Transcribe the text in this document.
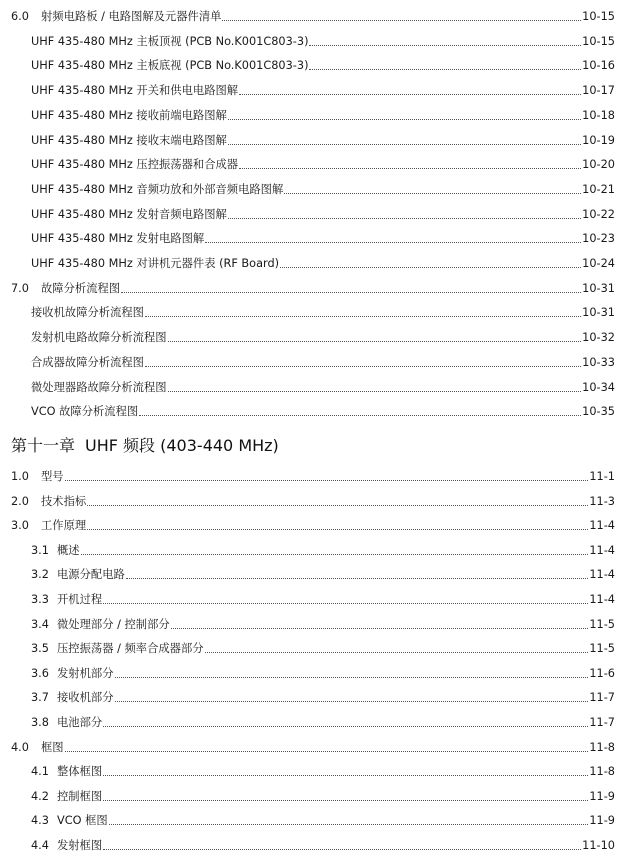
6.0	射频电路板 / 电路图解及元器件清单	10-15
UHF 435-480 MHz 主板顶视 (PCB No.K001C803-3)	10-15
UHF 435-480 MHz 主板底视 (PCB No.K001C803-3)	10-16
UHF 435-480 MHz 开关和供电电路图解	10-17
UHF 435-480 MHz 接收前端电路图解	10-18
UHF 435-480 MHz 接收末端电路图解	10-19
UHF 435-480 MHz 压控振荡器和合成器	10-20
UHF 435-480 MHz 音频功放和外部音频电路图解	10-21
UHF 435-480 MHz 发射音频电路图解	10-22
UHF 435-480 MHz 发射电路图解	10-23
UHF 435-480 MHz 对讲机元器件表 (RF Board)	10-24
7.0	故障分析流程图	10-31
接收机故障分析流程图	10-31
发射机电路故障分析流程图	10-32
合成器故障分析流程图	10-33
微处理器路故障分析流程图	10-34
VCO 故障分析流程图	10-35
1.0	型号	11-1
2.0	技术指标	11-3
3.0	工作原理	11-4
3.1 概述	11-4
3.2 电源分配电路	11-4
3.3 开机过程	11-4
3.4 微处理部分 / 控制部分	11-5
3.5 压控振荡器 / 频率合成器部分	11-5
3.6 发射机部分	11-6
3.7 接收机部分	11-7
3.8 电池部分	11-7
4.0	框图	11-8
4.1 整体框图	11-8
4.2 控制框图	11-9
4.3 VCO 框图	11-9
4.4 发射框图	11-10
第十一章 UHF 频段 (403-440 MHz)
